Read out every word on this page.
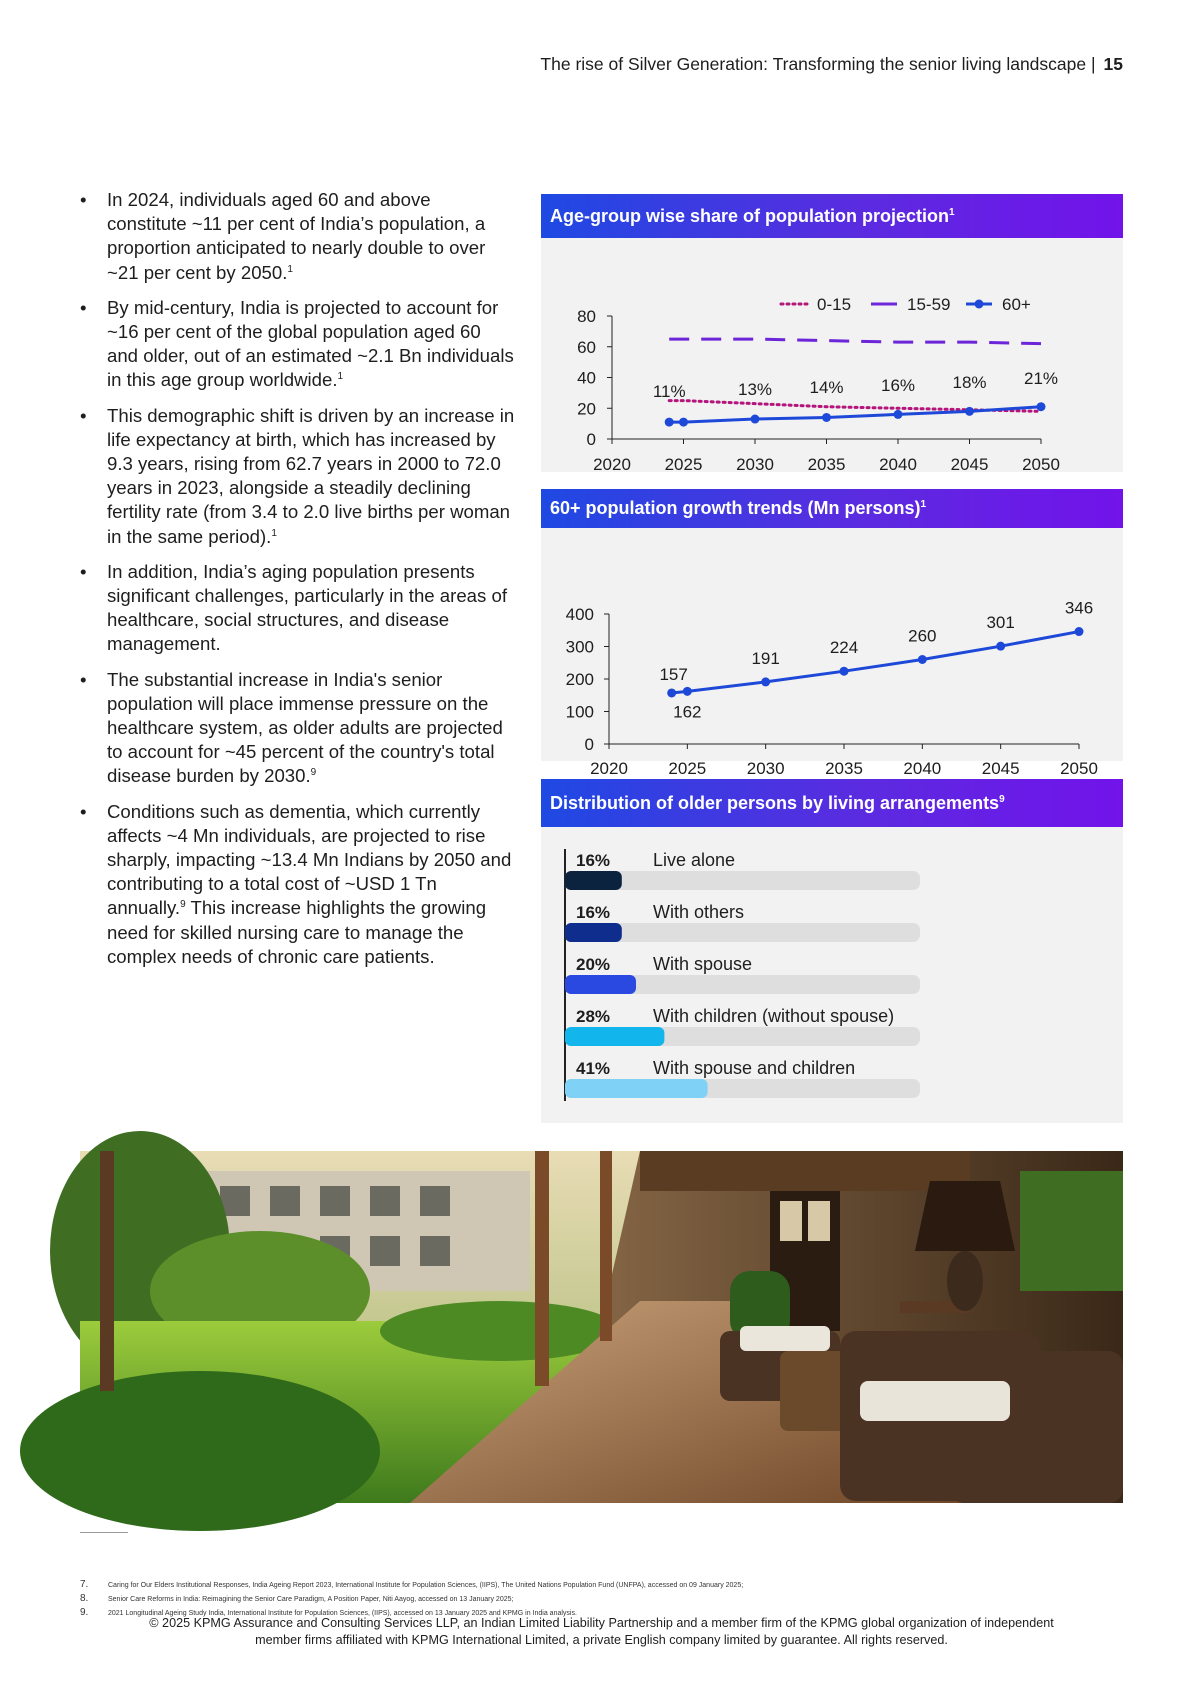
The rise of Silver Generation: Transforming the senior living landscape | 15
• In 2024, individuals aged 60 and above constitute ~11 per cent of India’s population, a proportion anticipated to nearly double to over ~21 per cent by 2050.$^1$
• By mid-century, India is projected to account for ~16 per cent of the global population aged 60 and older, out of an estimated ~2.1 Bn individuals in this age group worldwide.$^1$
• This demographic shift is driven by an increase in life expectancy at birth, which has increased by 9.3 years, rising from 62.7 years in 2000 to 72.0 years in 2023, alongside a steadily declining fertility rate (from 3.4 to 2.0 live births per woman in the same period).$^1$
• In addition, India’s aging population presents significant challenges, particularly in the areas of healthcare, social structures, and disease management.
• The substantial increase in India's senior population will place immense pressure on the healthcare system, as older adults are projected to account for ~45 percent of the country's total disease burden by 2030.$^9$
• Conditions such as dementia, which currently affects ~4 Mn individuals, are projected to rise sharply, impacting ~13.4 Mn Indians by 2050 and contributing to a total cost of ~USD 1 Tn annually.$^9$ This increase highlights the growing need for skilled nursing care to manage the complex needs of chronic care patients.
Age-group wise share of population projection$^1$
0
20
40
60
80
2020 2025 2030 2035 2040 2045 2050
11%	13% 14% 16% 18% 21%
0-15	15-59	60+
60+ population growth trends (Mn persons)$^1$
0
100
200
300
400
2020 2025 2030 2035 2040 2045 2050
157
162
191
224
260
301
346
Distribution of older persons by living arrangements$^9$
16% Live alone
16% With others
20% With spouse
28% With children (without spouse)
41% With spouse and children
7.	Caring for Our Elders Institutional Responses, India Ageing Report 2023, International Institute for Population Sciences, (IIPS), The United Nations Population Fund (UNFPA), accessed on 09 January 2025;
8.	Senior Care Reforms in India: Reimagining the Senior Care Paradigm, A Position Paper, Niti Aayog, accessed on 13 January 2025;
9.	2021 Longitudinal Ageing Study India, International Institute for Population Sciences, (IIPS), accessed on 13 January 2025 and KPMG in India analysis.
© 2025 KPMG Assurance and Consulting Services LLP, an Indian Limited Liability Partnership and a member firm of the KPMG global organization of independent
member firms affiliated with KPMG International Limited, a private English company limited by guarantee. All rights reserved.
